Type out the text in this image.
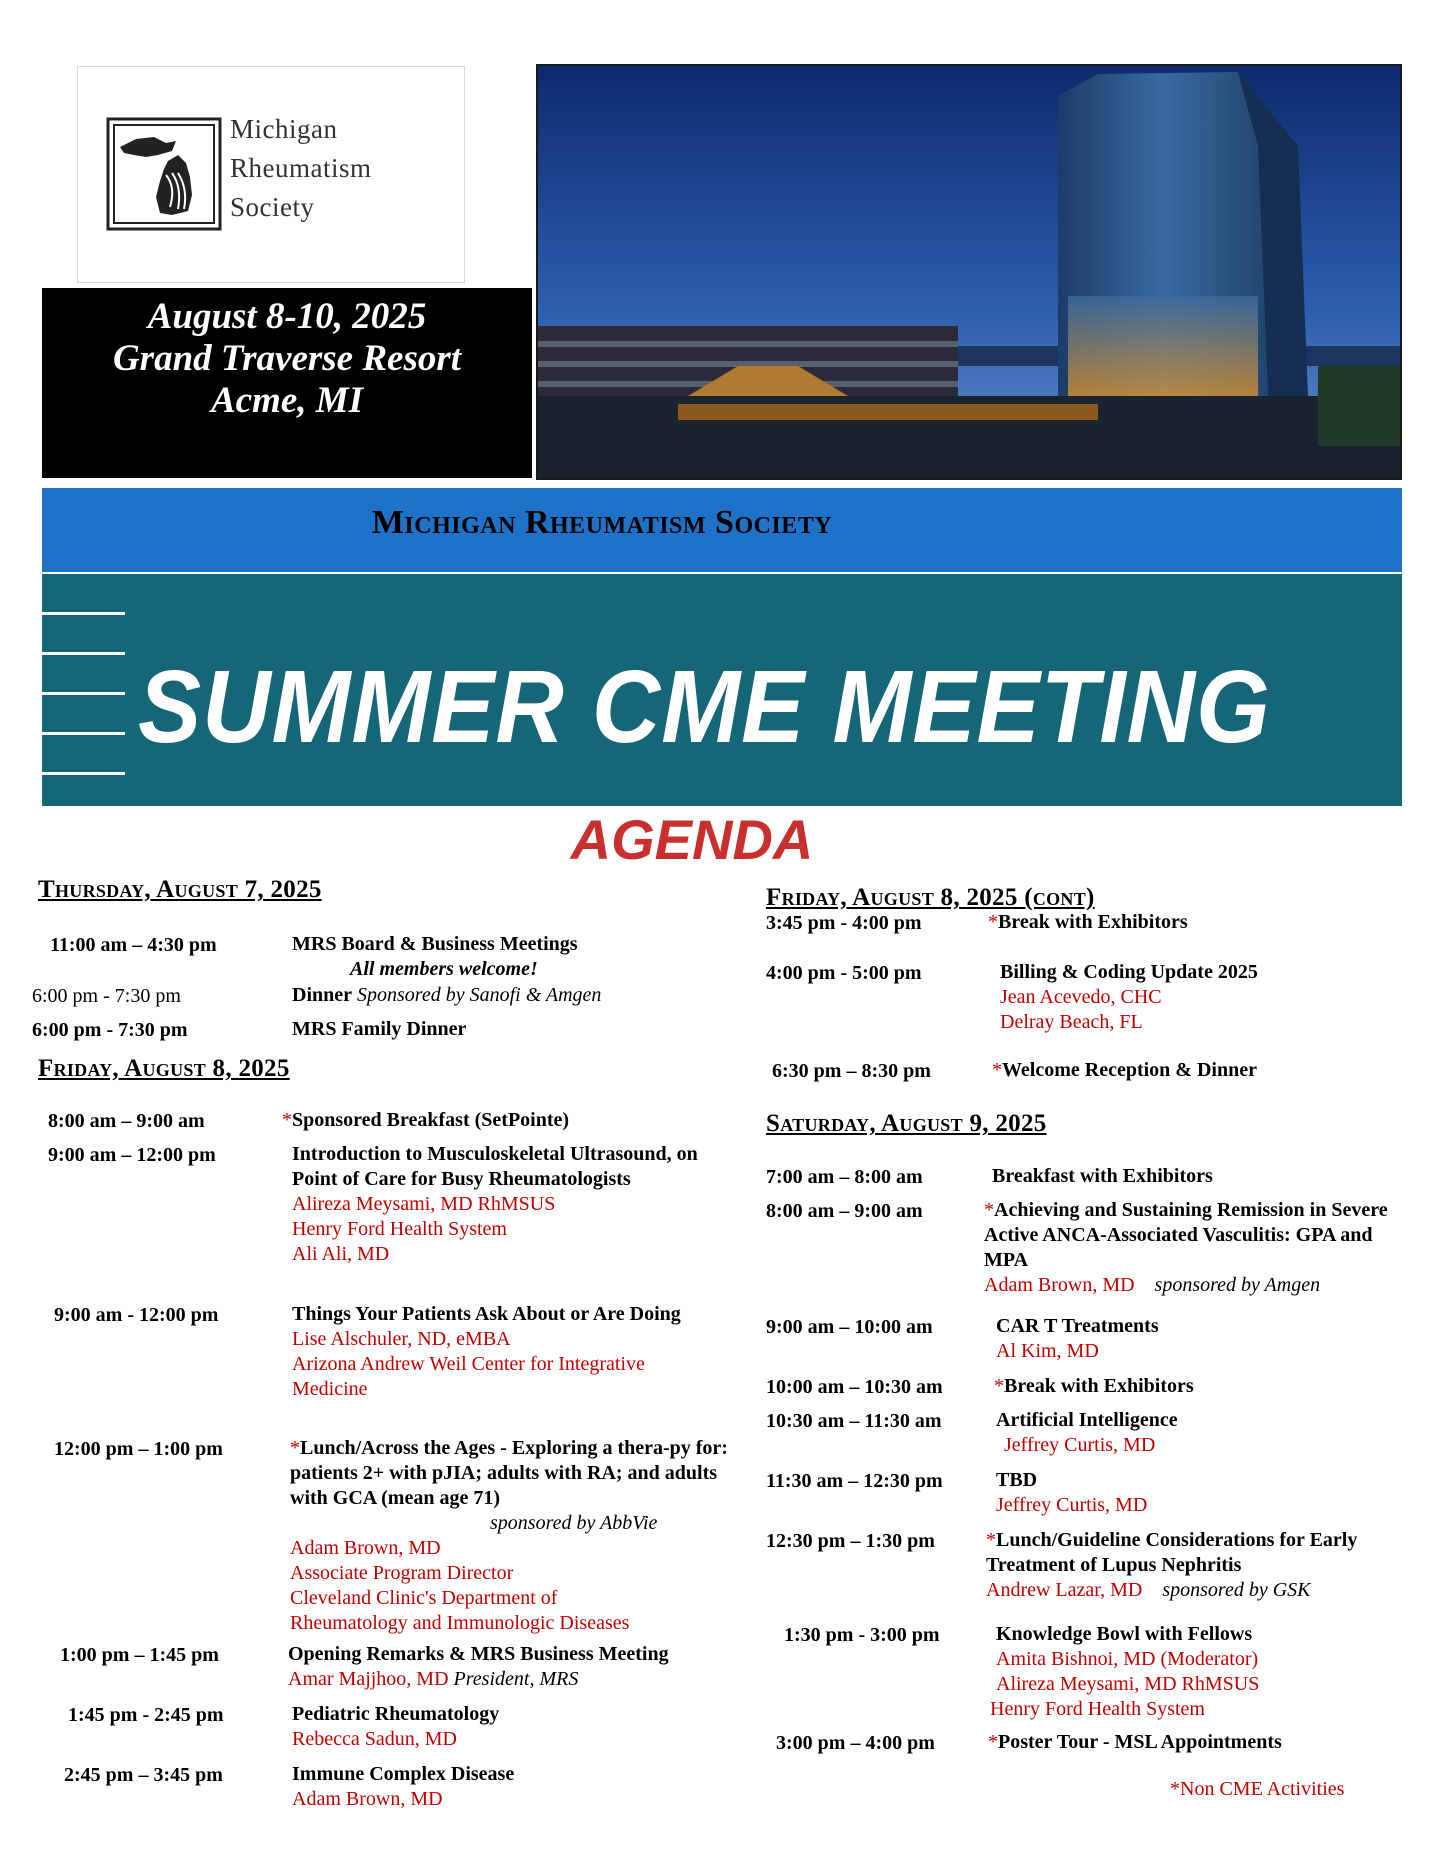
Michigan
Rheumatism
Society
August 8-10, 2025
Grand Traverse Resort
Acme, MI
Michigan Rheumatism Society
SUMMER CME MEETING
AGENDA
Thursday, August 7, 2025
11:00 am – 4:30 pm	MRS Board & Business Meetings
All members welcome!
6:00 pm - 7:30 pm	Dinner Sponsored by Sanofi & Amgen
6:00 pm - 7:30 pm	MRS Family Dinner
Friday, August 8, 2025
8:00 am – 9:00 am	*Sponsored Breakfast (SetPointe)
9:00 am – 12:00 pm	Introduction to Musculoskeletal Ultrasound, on Point of Care for Busy Rheumatologists
Alireza Meysami, MD RhMSUS
Henry Ford Health System
Ali Ali, MD
9:00 am - 12:00 pm	Things Your Patients Ask About or Are Doing
Lise Alschuler, ND, eMBA
Arizona Andrew Weil Center for Integrative Medicine
12:00 pm – 1:00 pm	*Lunch/Across the Ages - Exploring a thera-py for: patients 2+ with pJIA; adults with RA; and adults with GCA (mean age 71)
sponsored by AbbVie
Adam Brown, MD
Associate Program Director
Cleveland Clinic's Department of
Rheumatology and Immunologic Diseases
1:00 pm – 1:45 pm	Opening Remarks & MRS Business Meeting
Amar Majjhoo, MD President, MRS
1:45 pm - 2:45 pm	Pediatric Rheumatology
Rebecca Sadun, MD
2:45 pm – 3:45 pm	Immune Complex Disease
Adam Brown, MD
Friday, August 8, 2025 (cont)
3:45 pm - 4:00 pm	*Break with Exhibitors
4:00 pm - 5:00 pm	Billing & Coding Update 2025
Jean Acevedo, CHC
Delray Beach, FL
6:30 pm – 8:30 pm	*Welcome Reception & Dinner
Saturday, August 9, 2025
7:00 am – 8:00 am	Breakfast with Exhibitors
8:00 am – 9:00 am	*Achieving and Sustaining Remission in Severe Active ANCA-Associated Vasculitis: GPA and MPA
Adam Brown, MD sponsored by Amgen
9:00 am – 10:00 am	CAR T Treatments
Al Kim, MD
10:00 am – 10:30 am	*Break with Exhibitors
10:30 am – 11:30 am	Artificial Intelligence
Jeffrey Curtis, MD
11:30 am – 12:30 pm	TBD
Jeffrey Curtis, MD
12:30 pm – 1:30 pm	*Lunch/Guideline Considerations for Early Treatment of Lupus Nephritis
Andrew Lazar, MD sponsored by GSK
1:30 pm - 3:00 pm	Knowledge Bowl with Fellows
Amita Bishnoi, MD (Moderator)
Alireza Meysami, MD RhMSUS
Henry Ford Health System
3:00 pm – 4:00 pm	*Poster Tour - MSL Appointments
*Non CME Activities
